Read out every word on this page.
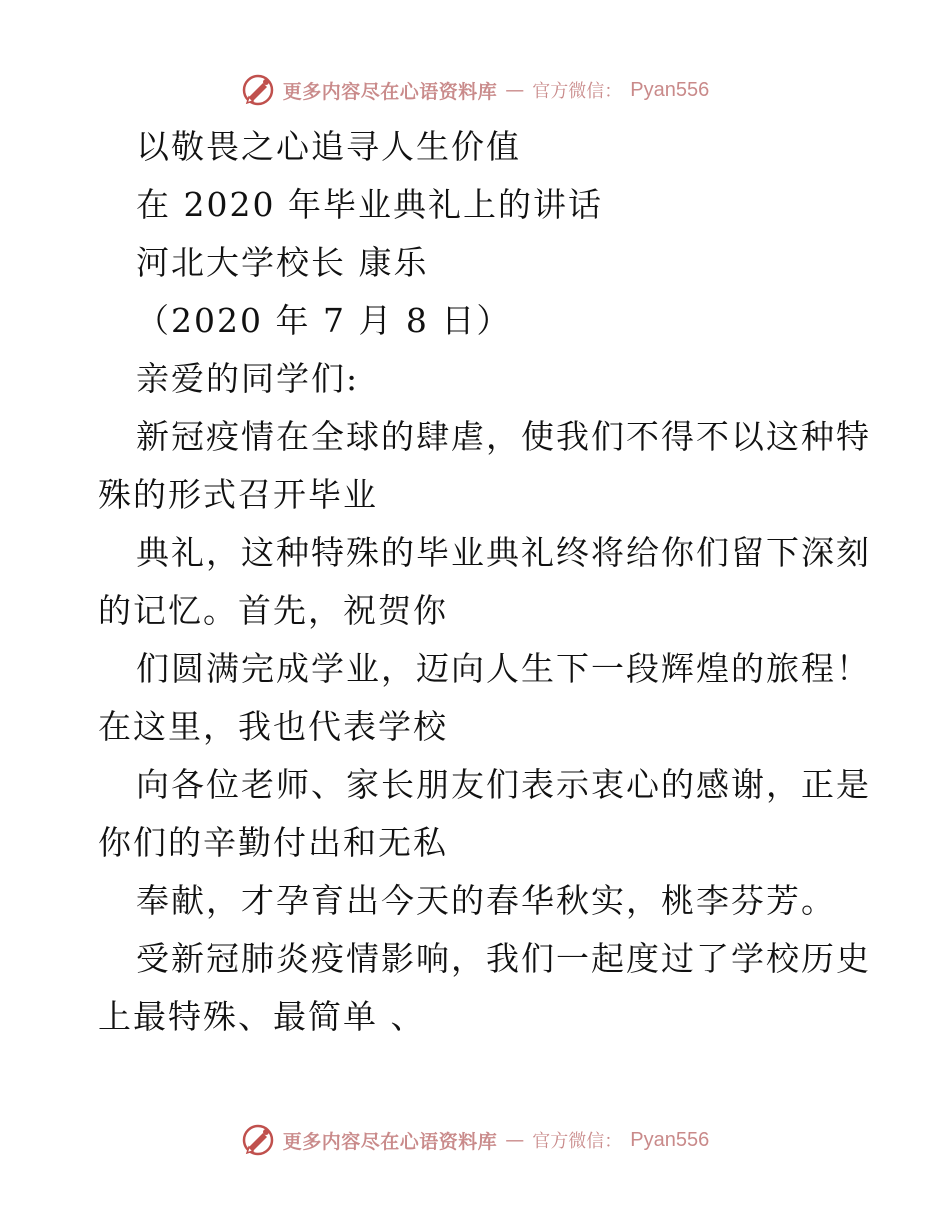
更多内容尽在心语资料库 — 官方微信： Pyan556
以敬畏之心追寻人生价值
在 2020 年毕业典礼上的讲话
河北大学校长 康乐
（2020 年 7 月 8 日）
亲爱的同学们:
新冠疫情在全球的肆虐，使我们不得不以这种特
殊的形式召开毕业
典礼，这种特殊的毕业典礼终将给你们留下深刻
的记忆。首先，祝贺你
们圆满完成学业，迈向人生下一段辉煌的旅程！
在这里，我也代表学校
向各位老师、家长朋友们表示衷心的感谢，正是
你们的辛勤付出和无私
奉献，才孕育出今天的春华秋实，桃李芬芳。
受新冠肺炎疫情影响，我们一起度过了学校历史
上最特殊、最简单 、
更多内容尽在心语资料库 — 官方微信： Pyan556
